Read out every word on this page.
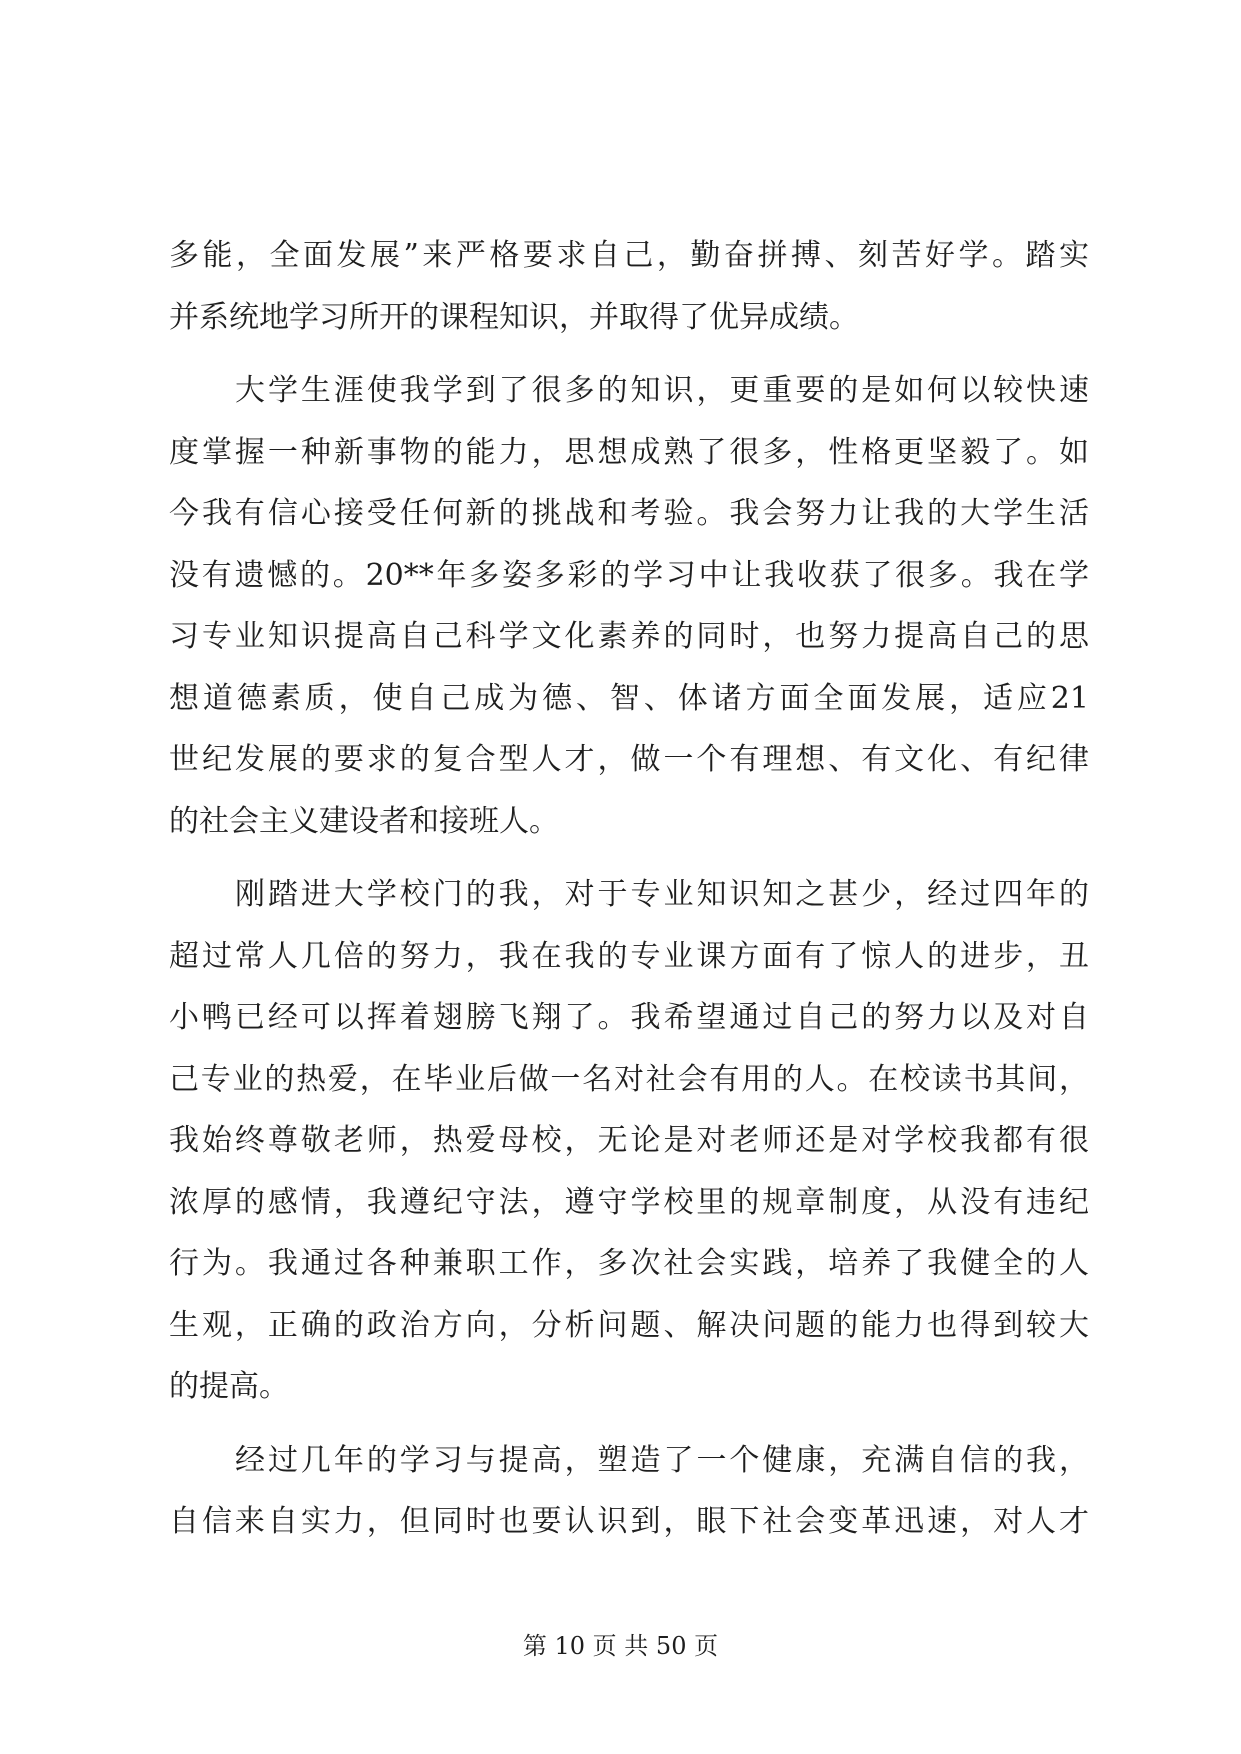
多能，全面发展”来严格要求自己，勤奋拼搏、刻苦好学。踏实
并系统地学习所开的课程知识，并取得了优异成绩。
大学生涯使我学到了很多的知识，更重要的是如何以较快速
度掌握一种新事物的能力，思想成熟了很多，性格更坚毅了。如
今我有信心接受任何新的挑战和考验。我会努力让我的大学生活
没有遗憾的。20**年多姿多彩的学习中让我收获了很多。我在学
习专业知识提高自己科学文化素养的同时，也努力提高自己的思
想道德素质，使自己成为德、智、体诸方面全面发展，适应21
世纪发展的要求的复合型人才，做一个有理想、有文化、有纪律
的社会主义建设者和接班人。
刚踏进大学校门的我，对于专业知识知之甚少，经过四年的
超过常人几倍的努力，我在我的专业课方面有了惊人的进步，丑
小鸭已经可以挥着翅膀飞翔了。我希望通过自己的努力以及对自
己专业的热爱，在毕业后做一名对社会有用的人。在校读书其间，
我始终尊敬老师，热爱母校，无论是对老师还是对学校我都有很
浓厚的感情，我遵纪守法，遵守学校里的规章制度，从没有违纪
行为。我通过各种兼职工作，多次社会实践，培养了我健全的人
生观，正确的政治方向，分析问题、解决问题的能力也得到较大
的提高。
经过几年的学习与提高，塑造了一个健康，充满自信的我，
自信来自实力，但同时也要认识到，眼下社会变革迅速，对人才
第 10 页 共 50 页
